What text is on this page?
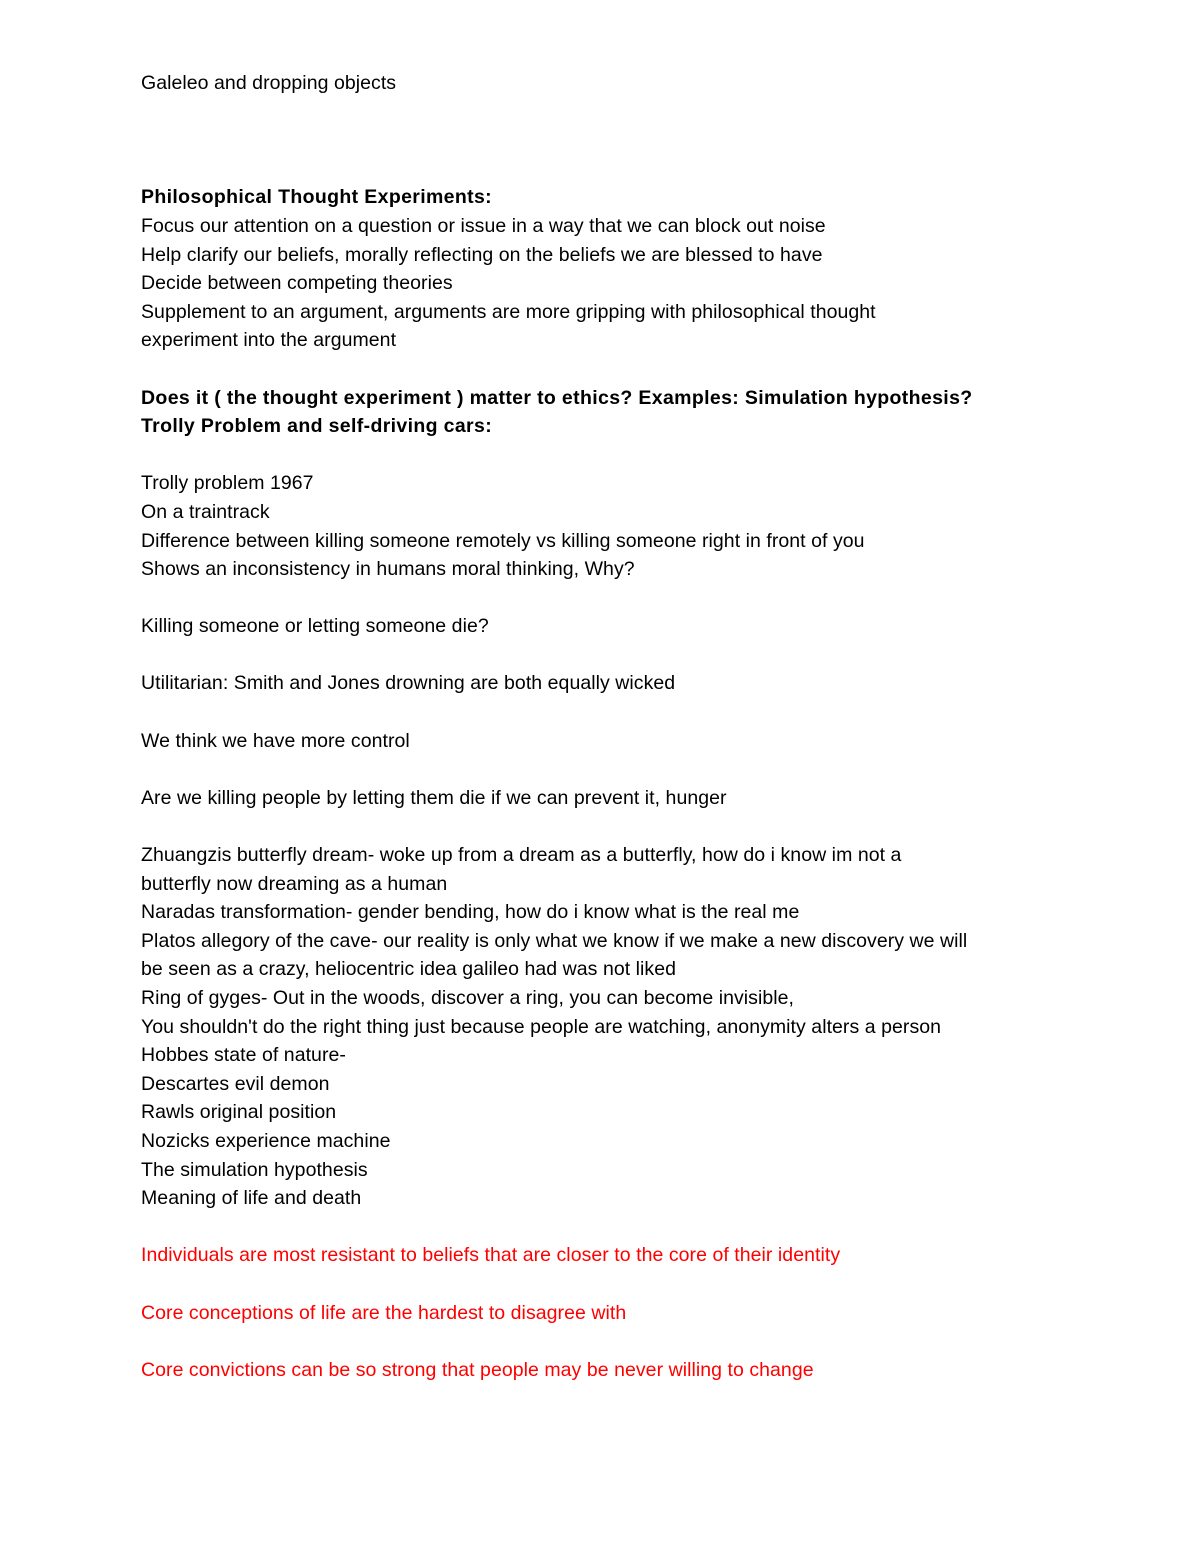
Galeleo and dropping objects

Philosophical Thought Experiments:

Focus our attention on a question or issue in a way that we can block out noise

Help clarify our beliefs, morally reflecting on the beliefs we are blessed to have

Decide between competing theories

Supplement to an argument, arguments are more gripping with philosophical thought

experiment into the argument

Does it ( the thought experiment ) matter to ethics? Examples: Simulation hypothesis?

Trolly Problem and self-driving cars:

Trolly problem 1967

On a traintrack

Difference between killing someone remotely vs killing someone right in front of you

Shows an inconsistency in humans moral thinking, Why?

Killing someone or letting someone die?

Utilitarian: Smith and Jones drowning are both equally wicked

We think we have more control

Are we killing people by letting them die if we can prevent it, hunger

Zhuangzis butterfly dream- woke up from a dream as a butterfly, how do i know im not a

butterfly now dreaming as a human

Naradas transformation- gender bending, how do i know what is the real me

Platos allegory of the cave- our reality is only what we know if we make a new discovery we will

be seen as a crazy, heliocentric idea galileo had was not liked

Ring of gyges- Out in the woods, discover a ring, you can become invisible,

You shouldn't do the right thing just because people are watching, anonymity alters a person

Hobbes state of nature-

Descartes evil demon

Rawls original position

Nozicks experience machine

The simulation hypothesis

Meaning of life and death

Individuals are most resistant to beliefs that are closer to the core of their identity

Core conceptions of life are the hardest to disagree with

Core convictions can be so strong that people may be never willing to change
